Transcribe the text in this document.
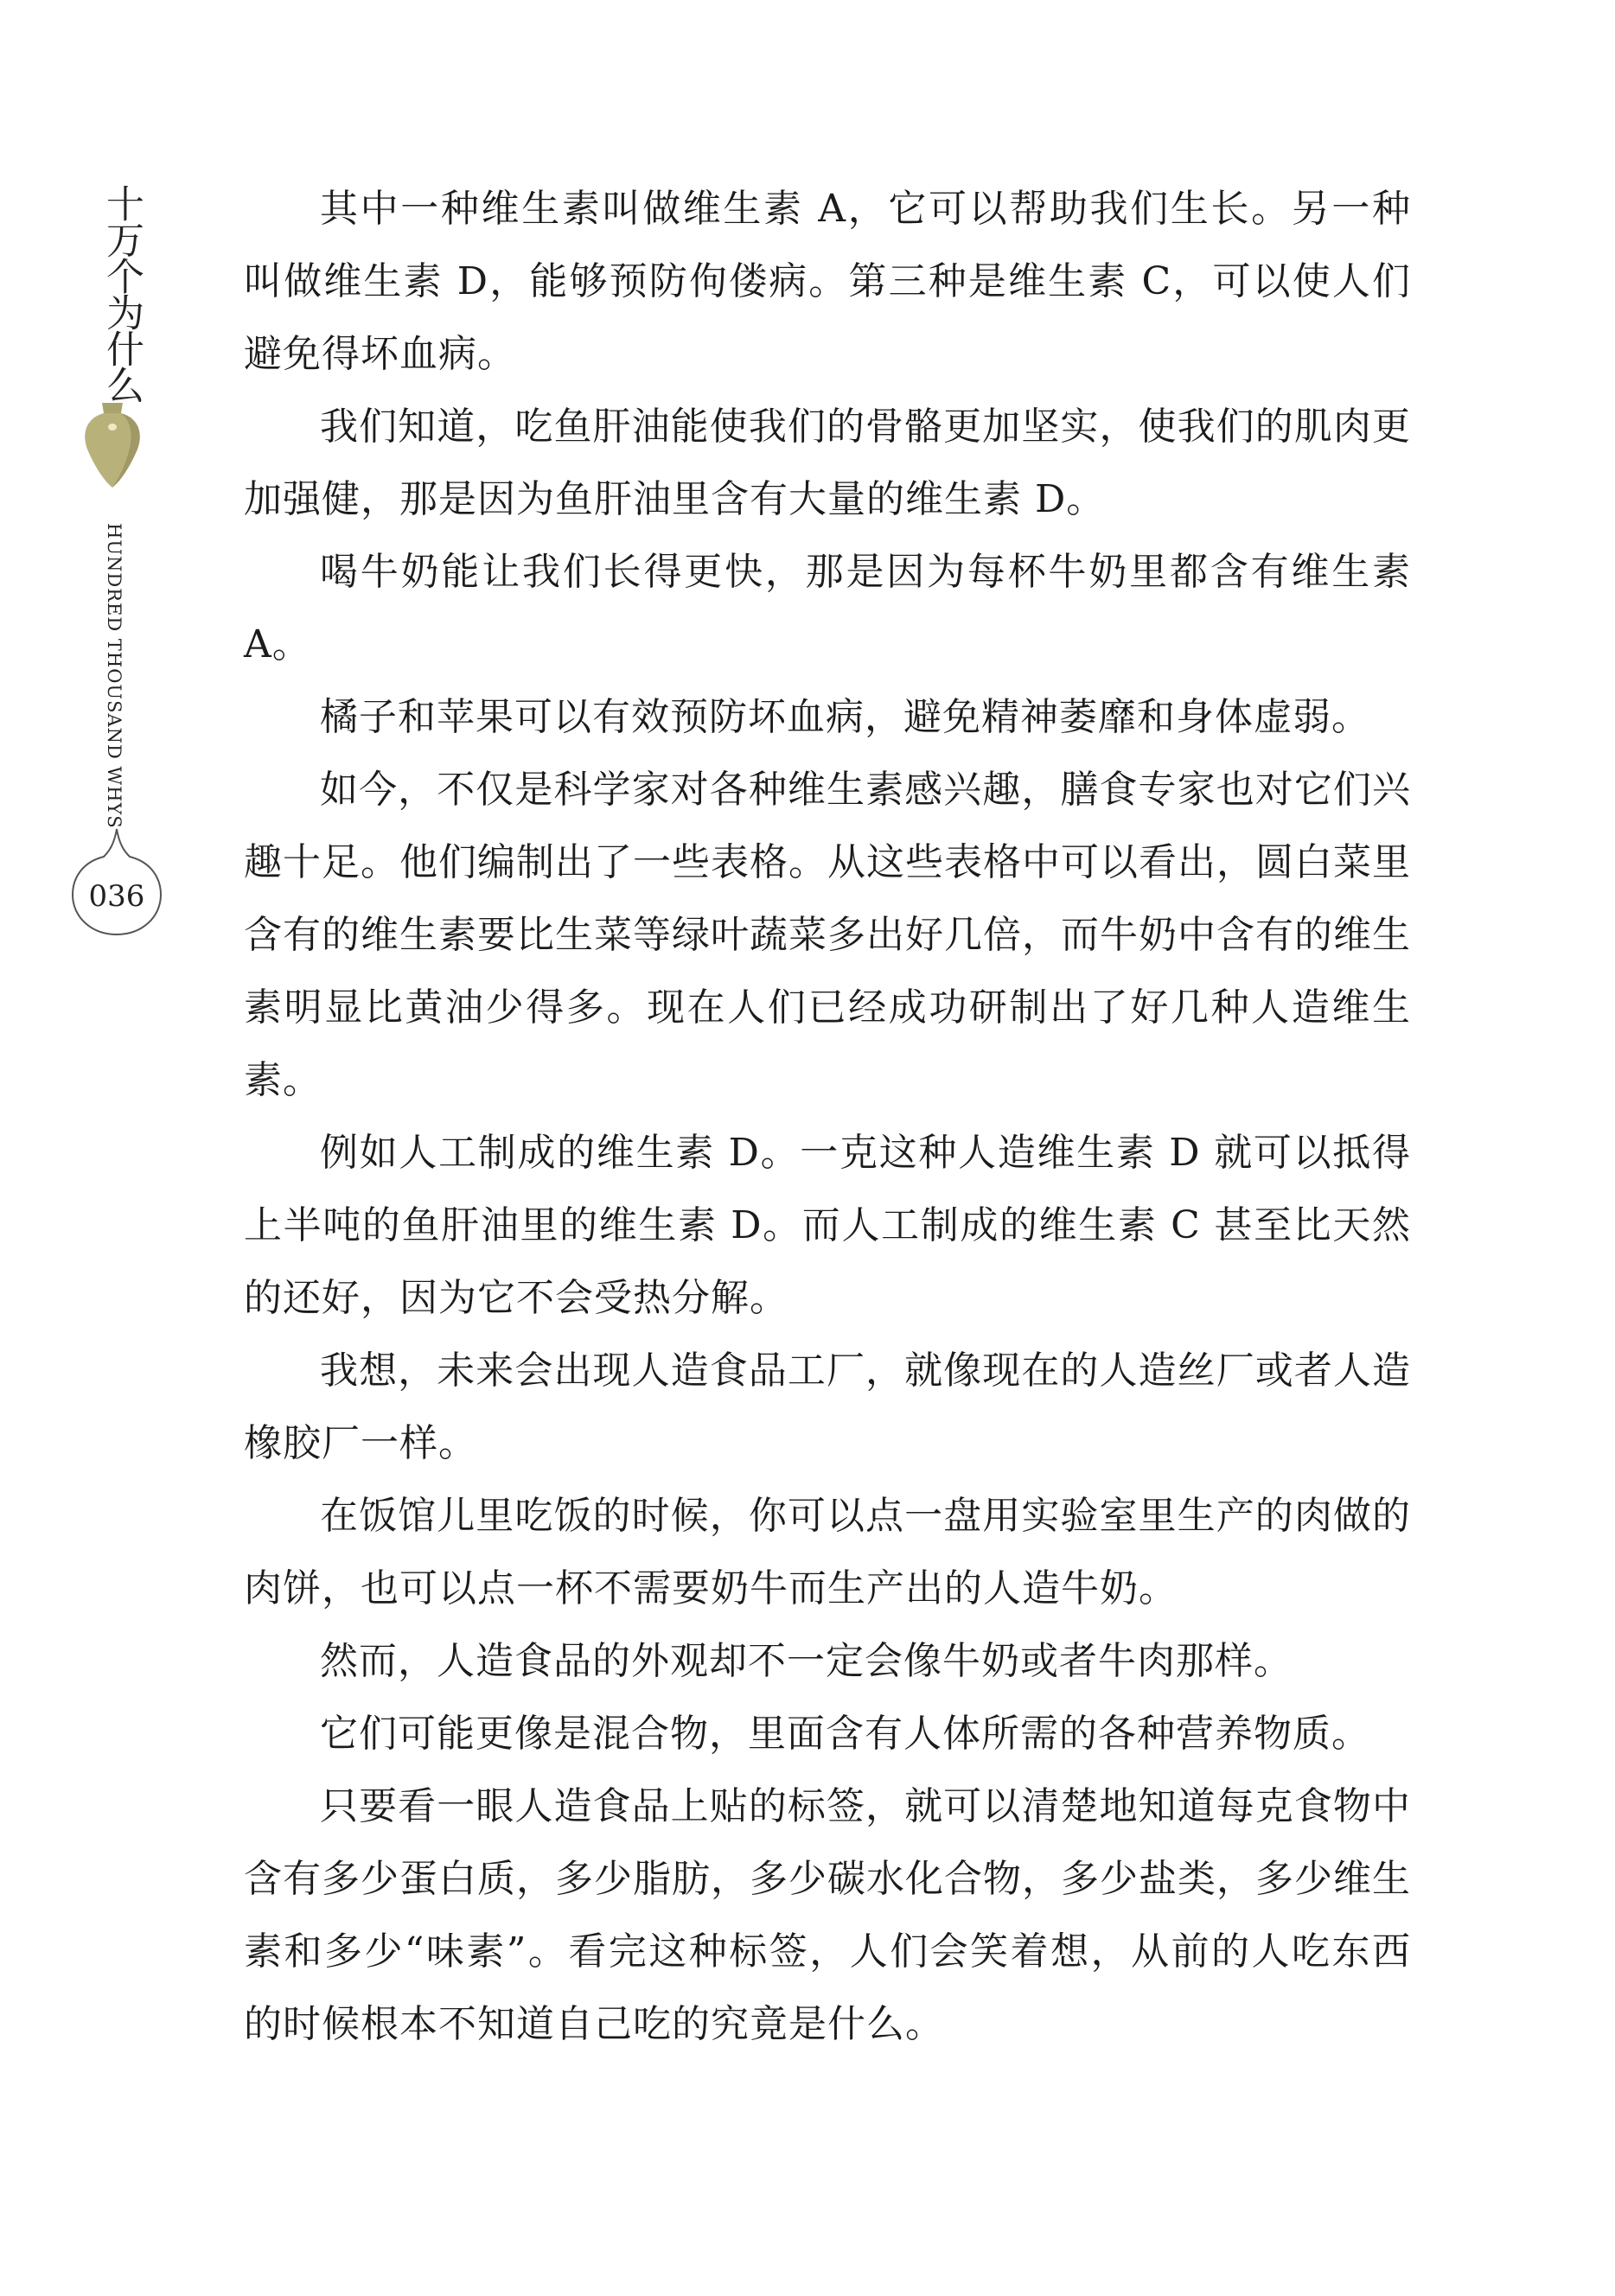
十万个为什么
HUNDRED THOUSAND WHYS
036

其中一种维生素叫做维生素 A，它可以帮助我们生长。另一种叫做维生素 D，能够预防佝偻病。第三种是维生素 C，可以使人们避免得坏血病。

我们知道，吃鱼肝油能使我们的骨骼更加坚实，使我们的肌肉更加强健，那是因为鱼肝油里含有大量的维生素 D。

喝牛奶能让我们长得更快，那是因为每杯牛奶里都含有维生素A。

橘子和苹果可以有效预防坏血病，避免精神萎靡和身体虚弱。

如今，不仅是科学家对各种维生素感兴趣，膳食专家也对它们兴趣十足。他们编制出了一些表格。从这些表格中可以看出，圆白菜里含有的维生素要比生菜等绿叶蔬菜多出好几倍，而牛奶中含有的维生素明显比黄油少得多。现在人们已经成功研制出了好几种人造维生素。

例如人工制成的维生素 D。一克这种人造维生素 D 就可以抵得上半吨的鱼肝油里的维生素 D。而人工制成的维生素 C 甚至比天然的还好，因为它不会受热分解。

我想，未来会出现人造食品工厂，就像现在的人造丝厂或者人造橡胶厂一样。

在饭馆儿里吃饭的时候，你可以点一盘用实验室里生产的肉做的肉饼，也可以点一杯不需要奶牛而生产出的人造牛奶。

然而，人造食品的外观却不一定会像牛奶或者牛肉那样。

它们可能更像是混合物，里面含有人体所需的各种营养物质。

只要看一眼人造食品上贴的标签，就可以清楚地知道每克食物中含有多少蛋白质，多少脂肪，多少碳水化合物，多少盐类，多少维生素和多少“味素”。看完这种标签，人们会笑着想，从前的人吃东西的时候根本不知道自己吃的究竟是什么。
